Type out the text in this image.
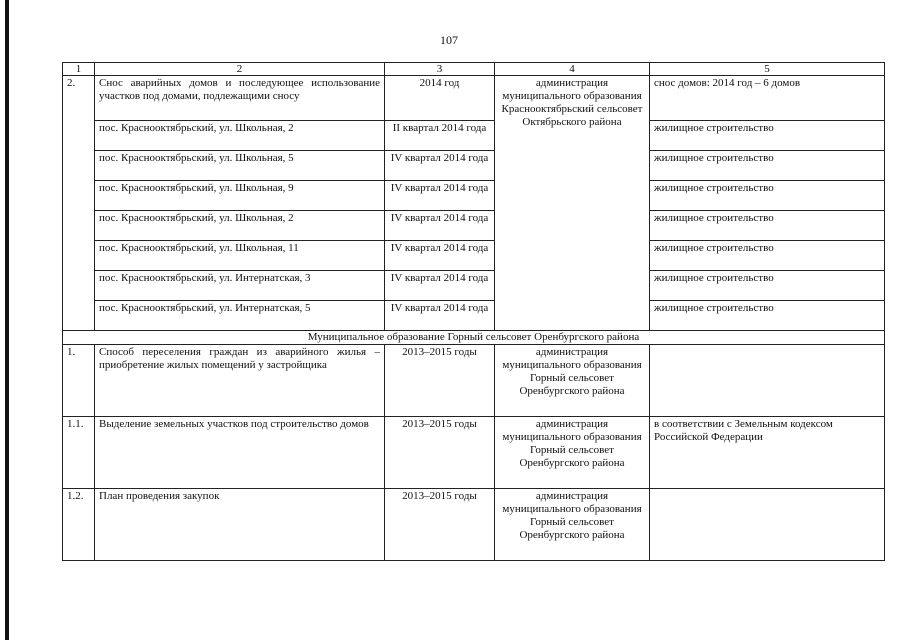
107
1	2	3	4	5
2.	Снос аварийных домов и последующее использование участков под домами, подлежащими сносу	2014 год	администрация муниципального образования Краснооктябрьский сельсовет Октябрьского района	снос домов: 2014 год – 6 домов
	пос. Краснооктябрьский, ул. Школьная, 2	II квартал 2014 года		жилищное строительство
	пос. Краснооктябрьский, ул. Школьная, 5	IV квартал 2014 года		жилищное строительство
	пос. Краснооктябрьский, ул. Школьная, 9	IV квартал 2014 года		жилищное строительство
	пос. Краснооктябрьский, ул. Школьная, 2	IV квартал 2014 года		жилищное строительство
	пос. Краснооктябрьский, ул. Школьная, 11	IV квартал 2014 года		жилищное строительство
	пос. Краснооктябрьский, ул. Интернатская, 3	IV квартал 2014 года		жилищное строительство
	пос. Краснооктябрьский, ул. Интернатская, 5	IV квартал 2014 года		жилищное строительство
Муниципальное образование Горный сельсовет Оренбургского района				
1.	Способ переселения граждан из аварийного жилья – приобретение жилых помещений у застройщика	2013–2015 годы	администрация муниципального образования Горный сельсовет Оренбургского района	
1.1.	Выделение земельных участков под строительство домов	2013–2015 годы	администрация муниципального образования Горный сельсовет Оренбургского района	в соответствии с Земельным кодексом Российской Федерации
1.2.	План проведения закупок	2013–2015 годы	администрация муниципального образования Горный сельсовет Оренбургского района	
